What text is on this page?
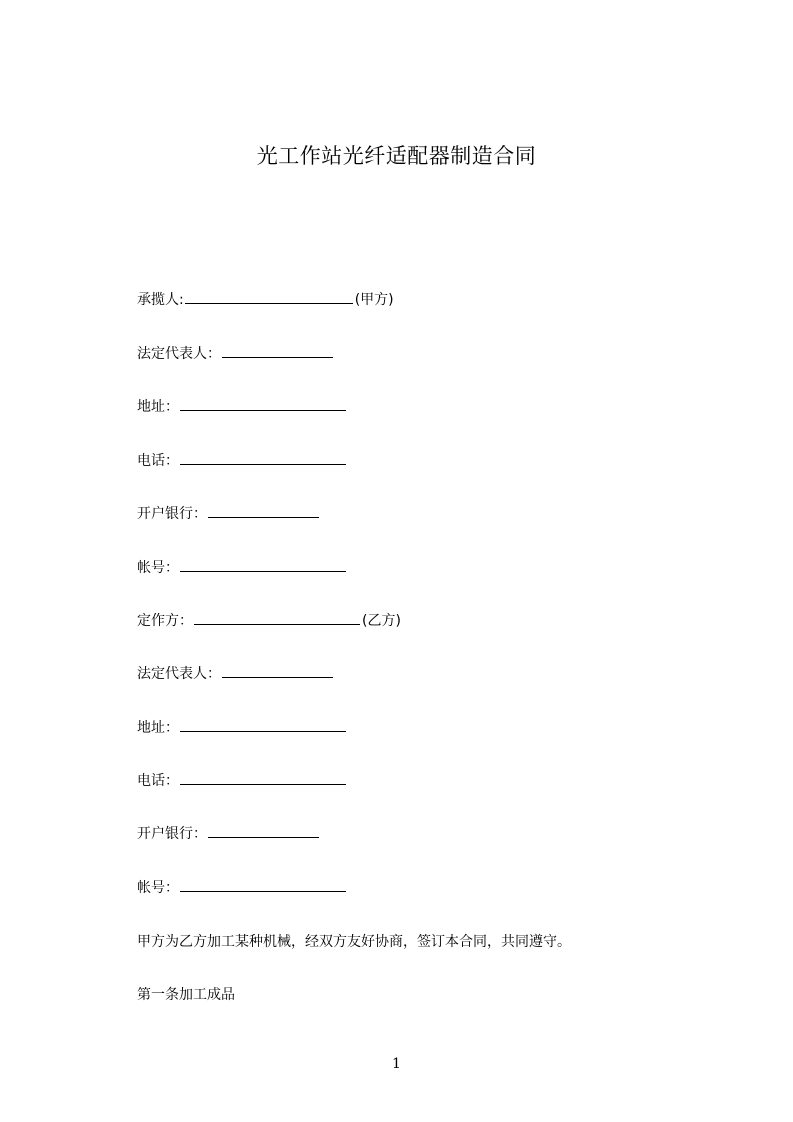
光工作站光纤适配器制造合同
承揽人:	(甲方)
法定代表人：
地址：
电话：
开户银行：
帐号：
定作方：	(乙方)
法定代表人：
地址：
电话：
开户银行：
帐号：
甲方为乙方加工某种机械，经双方友好协商，签订本合同，共同遵守。
第一条加工成品
1
